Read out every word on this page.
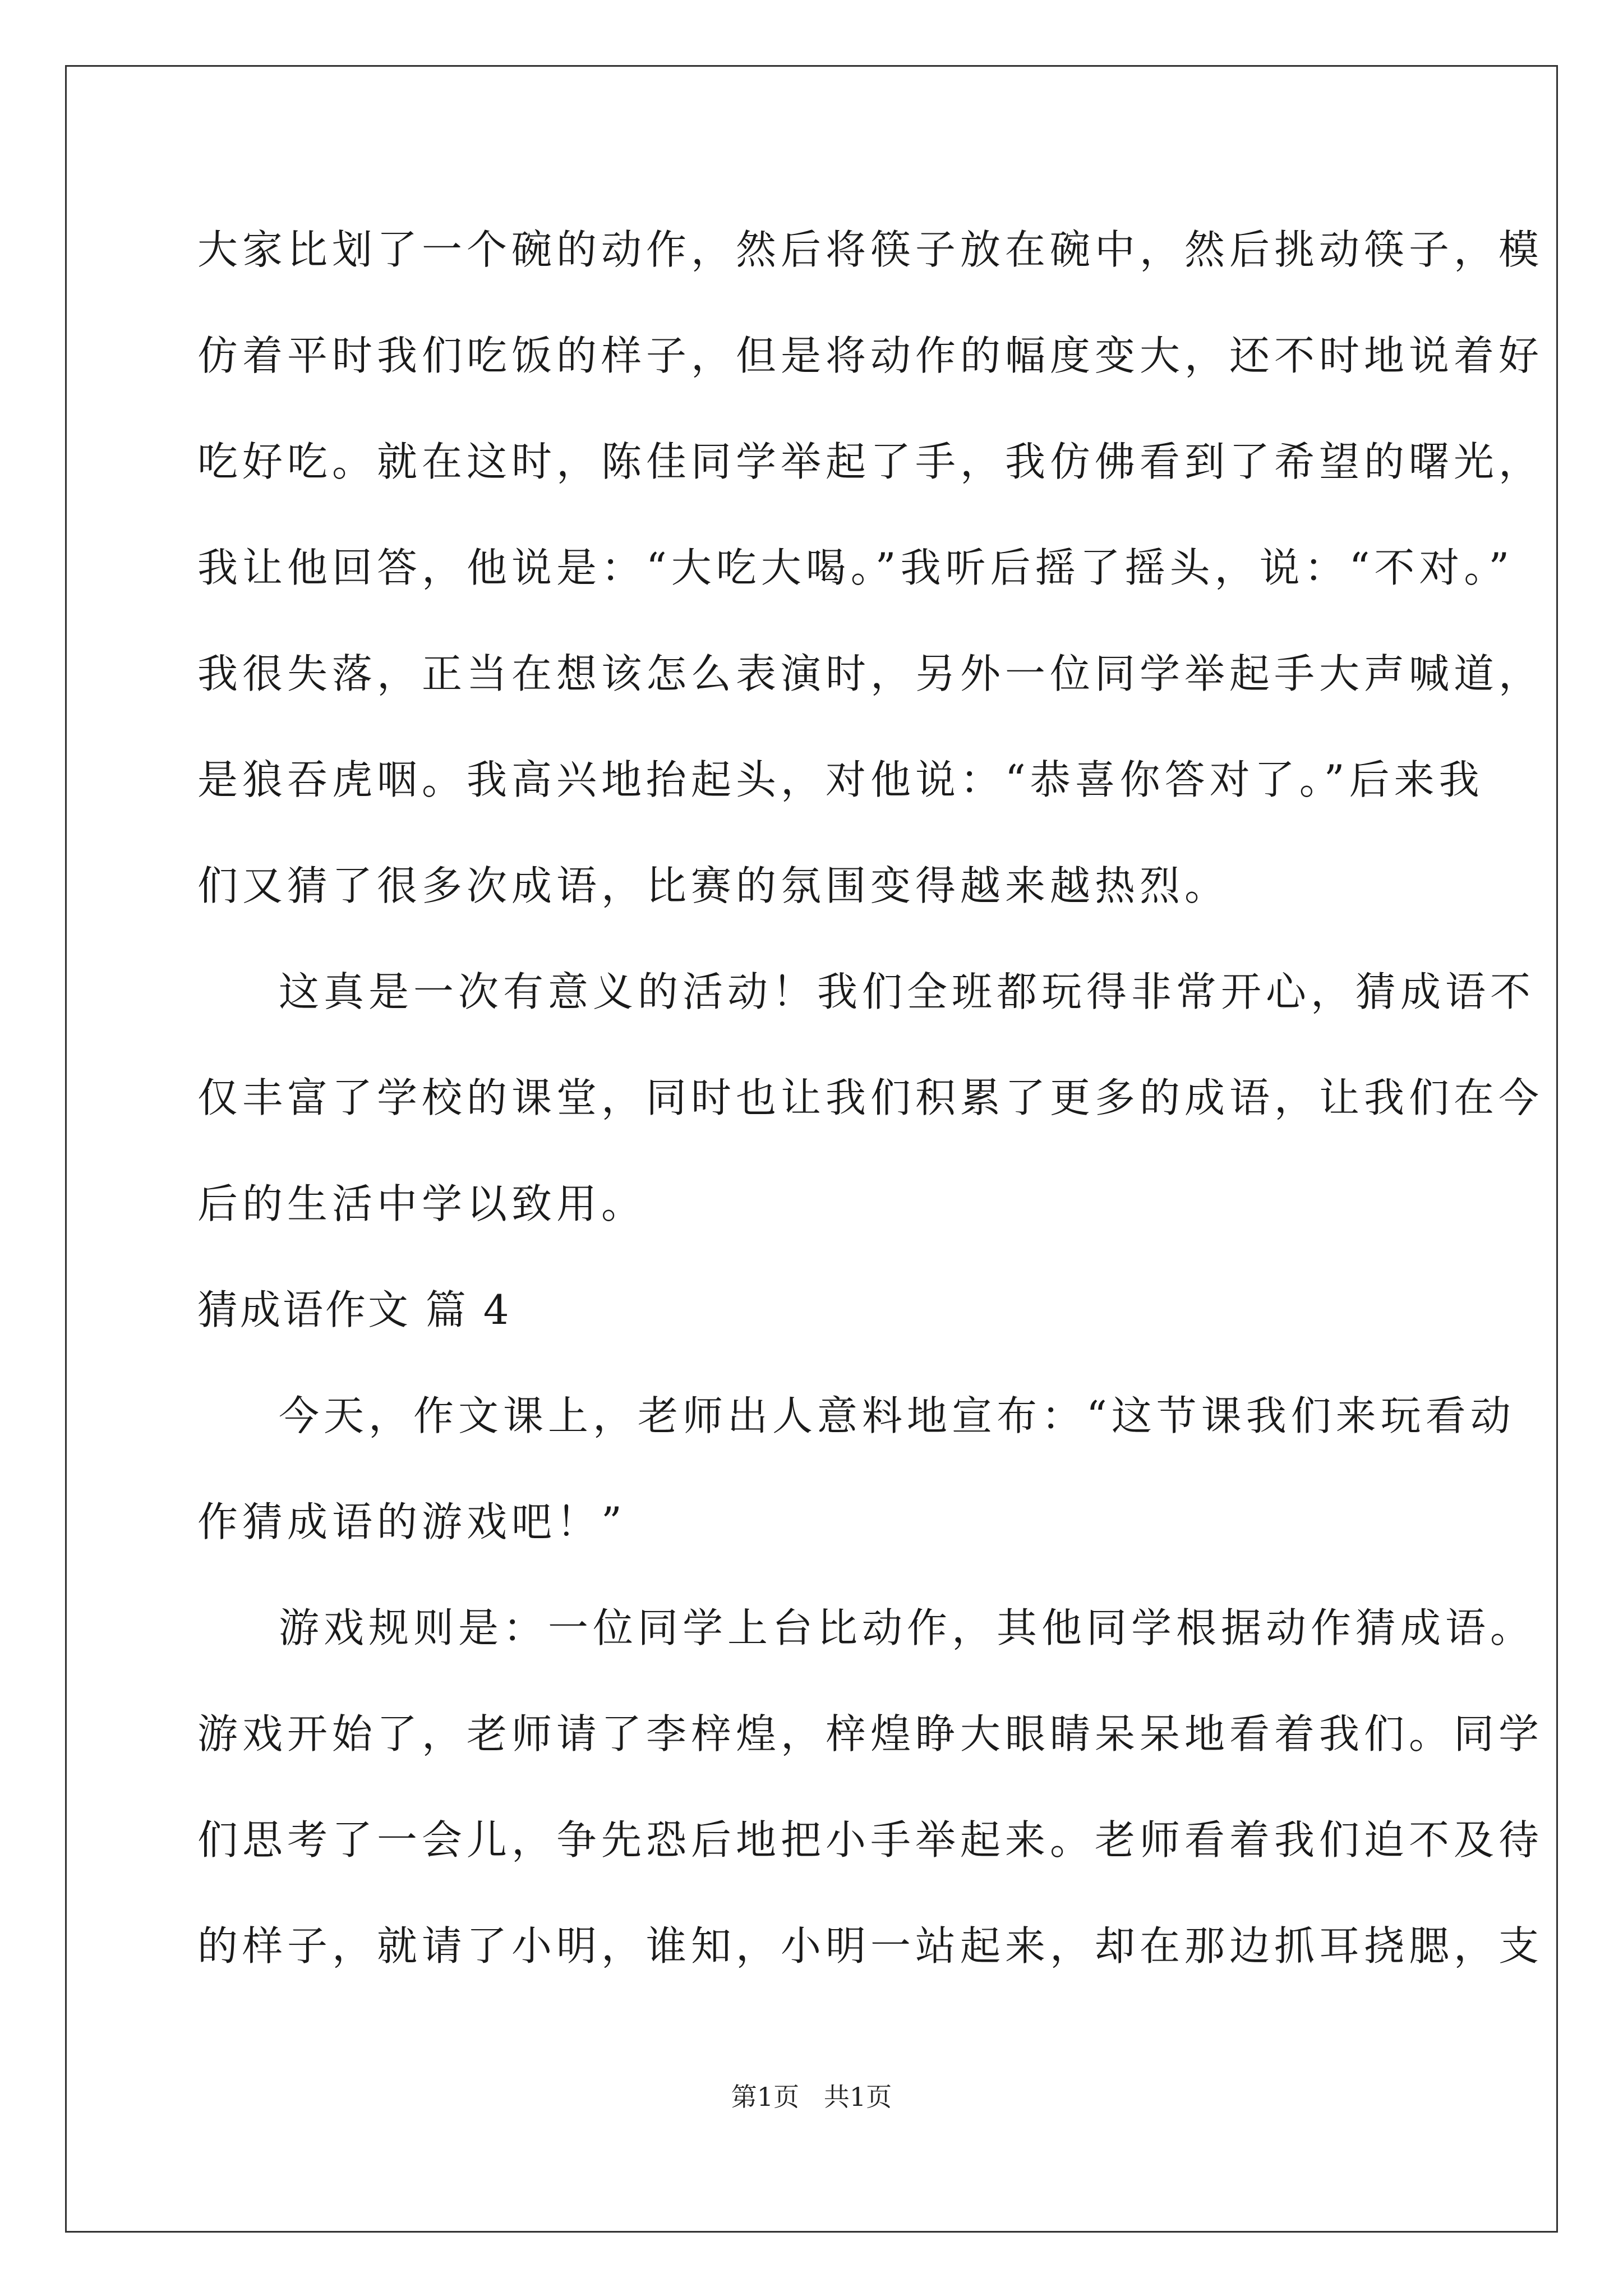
大家比划了一个碗的动作，然后将筷子放在碗中，然后挑动筷子，模
仿着平时我们吃饭的样子，但是将动作的幅度变大，还不时地说着好
吃好吃。就在这时，陈佳同学举起了手，我仿佛看到了希望的曙光，
我让他回答，他说是：“大吃大喝。”我听后摇了摇头，说：“不对。”
我很失落，正当在想该怎么表演时，另外一位同学举起手大声喊道，
是狼吞虎咽。我高兴地抬起头，对他说：“恭喜你答对了。”后来我
们又猜了很多次成语，比赛的氛围变得越来越热烈。
这真是一次有意义的活动！我们全班都玩得非常开心，猜成语不
仅丰富了学校的课堂，同时也让我们积累了更多的成语，让我们在今
后的生活中学以致用。
猜成语作文 篇 4
今天，作文课上，老师出人意料地宣布：“这节课我们来玩看动
作猜成语的游戏吧！”
游戏规则是：一位同学上台比动作，其他同学根据动作猜成语。
游戏开始了，老师请了李梓煌，梓煌睁大眼睛呆呆地看着我们。同学
们思考了一会儿，争先恐后地把小手举起来。老师看着我们迫不及待
的样子，就请了小明，谁知，小明一站起来，却在那边抓耳挠腮，支
第1页   共1页
